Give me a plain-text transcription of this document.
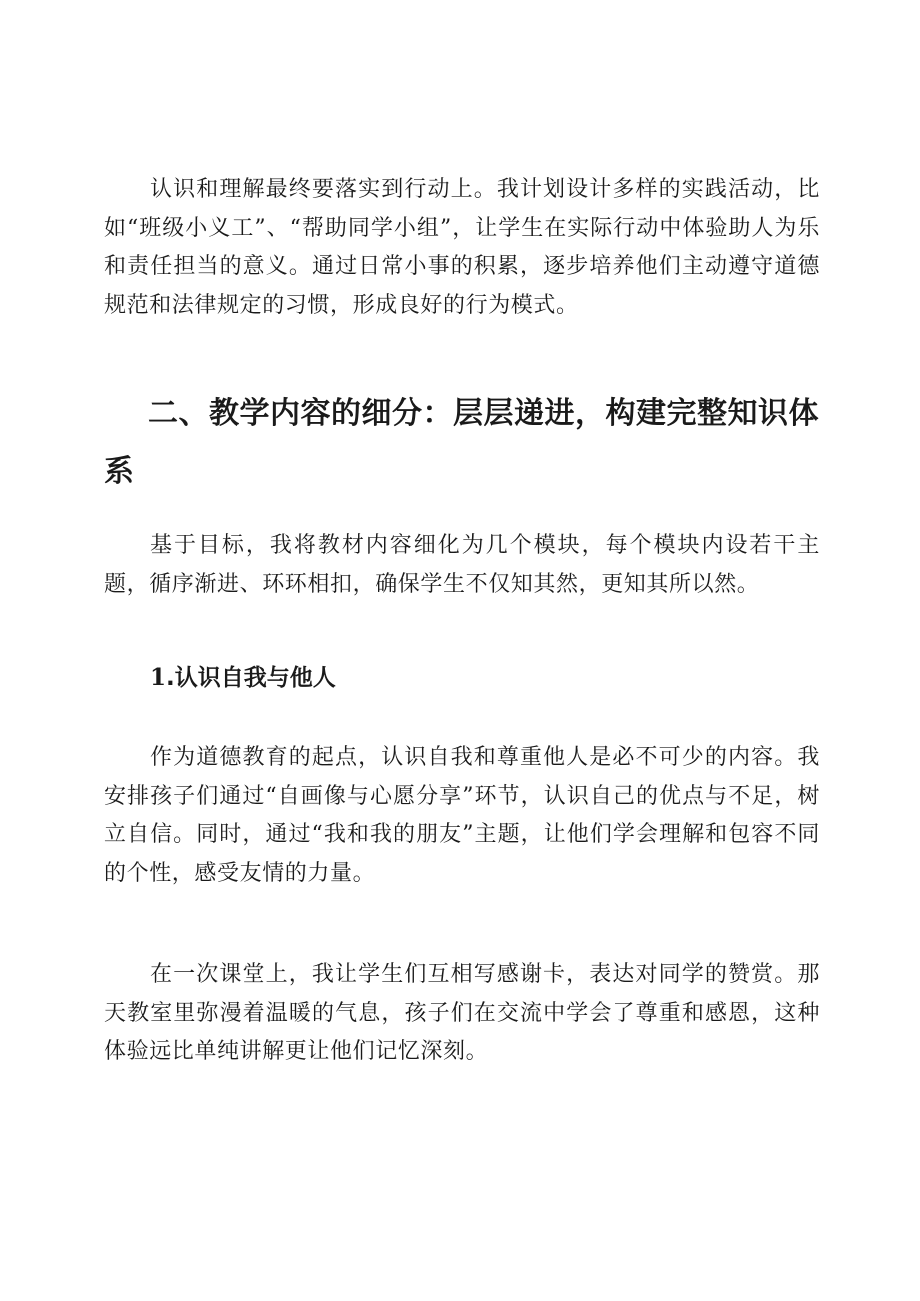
认识和理解最终要落实到行动上。我计划设计多样的实践活动，比如“班级小义工”、“帮助同学小组”，让学生在实际行动中体验助人为乐和责任担当的意义。通过日常小事的积累，逐步培养他们主动遵守道德规范和法律规定的习惯，形成良好的行为模式。

二、教学内容的细分：层层递进，构建完整知识体系

基于目标，我将教材内容细化为几个模块，每个模块内设若干主题，循序渐进、环环相扣，确保学生不仅知其然，更知其所以然。

1.认识自我与他人

作为道德教育的起点，认识自我和尊重他人是必不可少的内容。我安排孩子们通过“自画像与心愿分享”环节，认识自己的优点与不足，树立自信。同时，通过“我和我的朋友”主题，让他们学会理解和包容不同的个性，感受友情的力量。

在一次课堂上，我让学生们互相写感谢卡，表达对同学的赞赏。那天教室里弥漫着温暖的气息，孩子们在交流中学会了尊重和感恩，这种体验远比单纯讲解更让他们记忆深刻。
